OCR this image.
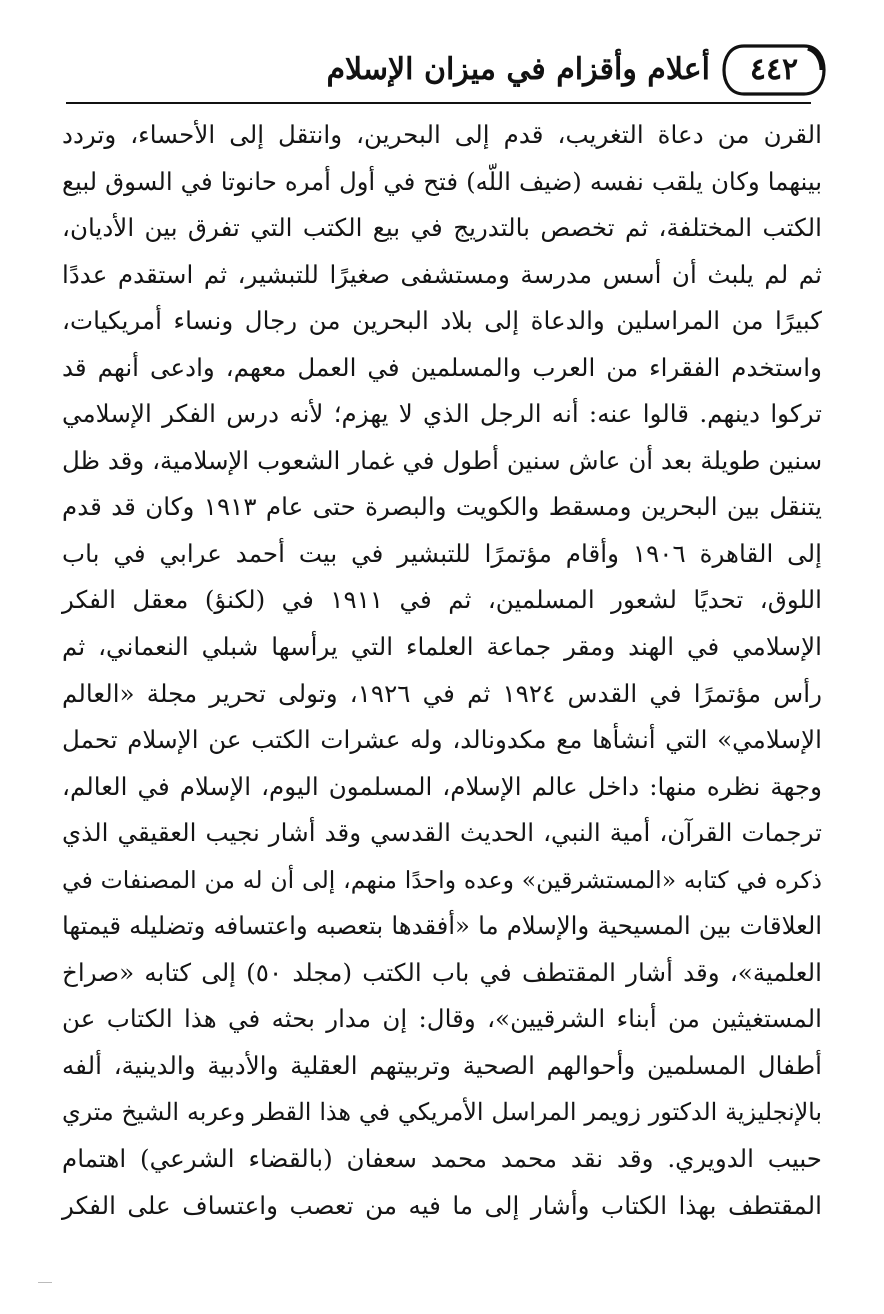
٤٤٢
أعلام وأقزام في ميزان الإسلام
القرن من دعاة التغريب، قدم إلى البحرين، وانتقل إلى الأحساء، وتردد
بينهما وكان يلقب نفسه (ضيف اللّه) فتح في أول أمره حانوتا في السوق لبيع
الكتب المختلفة، ثم تخصص بالتدريج في بيع الكتب التي تفرق بين الأديان،
ثم لم يلبث أن أسس مدرسة ومستشفى صغيرًا للتبشير، ثم استقدم عددًا
كبيرًا من المراسلين والدعاة إلى بلاد البحرين من رجال ونساء أمريكيات،
واستخدم الفقراء من العرب والمسلمين في العمل معهم، وادعى أنهم قد
تركوا دينهم. قالوا عنه: أنه الرجل الذي لا يهزم؛ لأنه درس الفكر الإسلامي
سنين طويلة بعد أن عاش سنين أطول في غمار الشعوب الإسلامية، وقد ظل
يتنقل بين البحرين ومسقط والكويت والبصرة حتى عام ١٩١٣ وكان قد قدم
إلى القاهرة ١٩٠٦ وأقام مؤتمرًا للتبشير في بيت أحمد عرابي في باب
اللوق، تحديًا لشعور المسلمين، ثم في ١٩١١ في (لكنؤ) معقل الفكر
الإسلامي في الهند ومقر جماعة العلماء التي يرأسها شبلي النعماني، ثم
رأس مؤتمرًا في القدس ١٩٢٤ ثم في ١٩٢٦، وتولى تحرير مجلة «العالم
الإسلامي» التي أنشأها مع مكدونالد، وله عشرات الكتب عن الإسلام تحمل
وجهة نظره منها: داخل عالم الإسلام، المسلمون اليوم، الإسلام في العالم،
ترجمات القرآن، أمية النبي، الحديث القدسي وقد أشار نجيب العقيقي الذي
ذكره في كتابه «المستشرقين» وعده واحدًا منهم، إلى أن له من المصنفات في
العلاقات بين المسيحية والإسلام ما «أفقدها بتعصبه واعتسافه وتضليله قيمتها
العلمية»، وقد أشار المقتطف في باب الكتب (مجلد ٥٠) إلى كتابه «صراخ
المستغيثين من أبناء الشرقيين»، وقال: إن مدار بحثه في هذا الكتاب عن
أطفال المسلمين وأحوالهم الصحية وتربيتهم العقلية والأدبية والدينية، ألفه
بالإنجليزية الدكتور زويمر المراسل الأمريكي في هذا القطر وعربه الشيخ متري
حبيب الدويري. وقد نقد محمد محمد سعفان (بالقضاء الشرعي) اهتمام
المقتطف بهذا الكتاب وأشار إلى ما فيه من تعصب واعتساف على الفكر
